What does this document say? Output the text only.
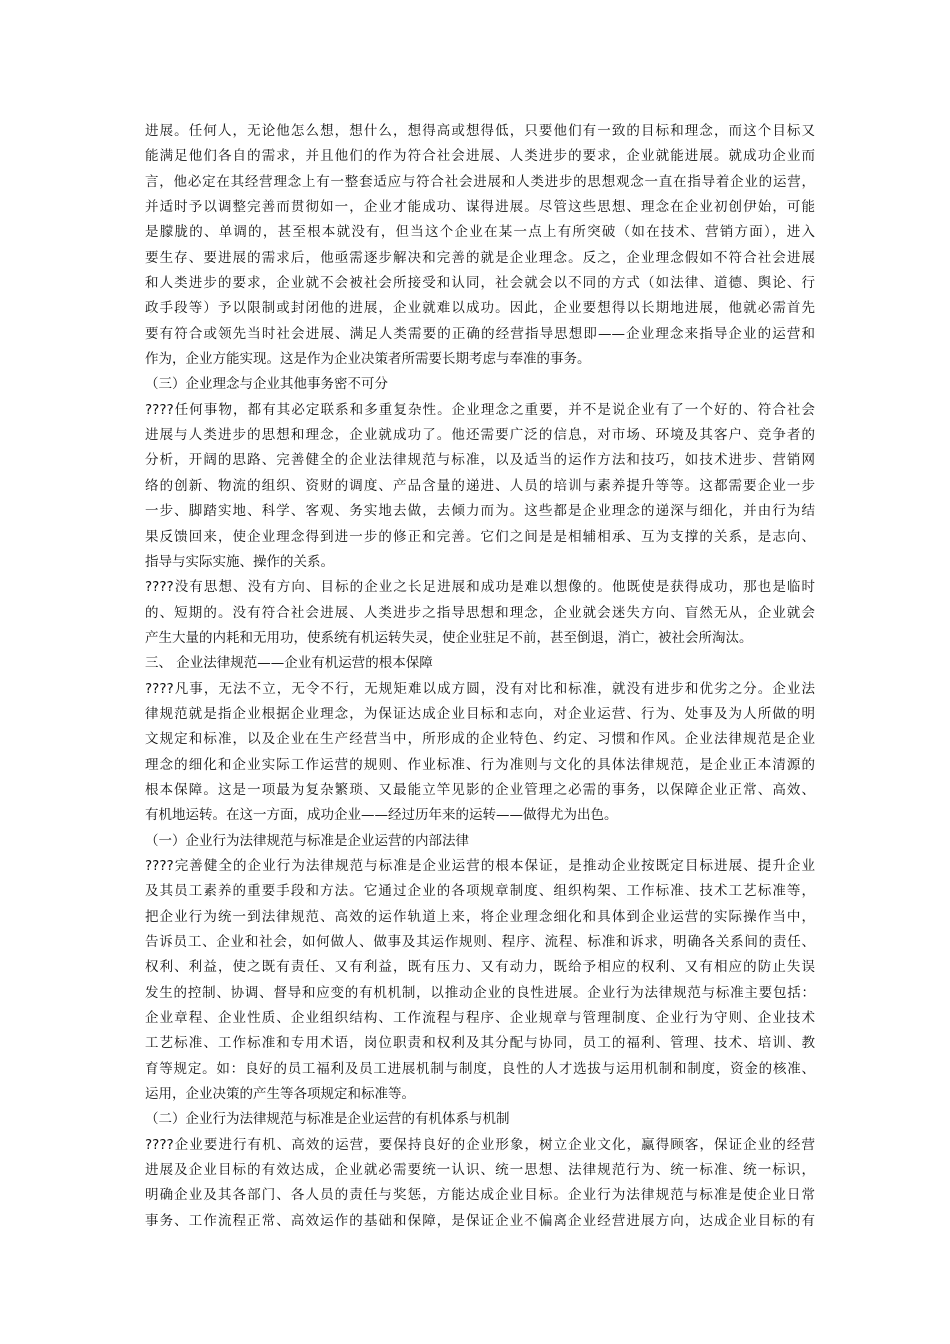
进展。任何人，无论他怎么想，想什么，想得高或想得低，只要他们有一致的目标和理念，而这个目标又
能满足他们各自的需求，并且他们的作为符合社会进展、人类进步的要求，企业就能进展。就成功企业而
言，他必定在其经营理念上有一整套适应与符合社会进展和人类进步的思想观念一直在指导着企业的运营，
并适时予以调整完善而贯彻如一，企业才能成功、谋得进展。尽管这些思想、理念在企业初创伊始，可能
是朦胧的、单调的，甚至根本就没有，但当这个企业在某一点上有所突破（如在技术、营销方面），进入
要生存、要进展的需求后，他亟需逐步解决和完善的就是企业理念。反之，企业理念假如不符合社会进展
和人类进步的要求，企业就不会被社会所接受和认同，社会就会以不同的方式（如法律、道德、舆论、行
政手段等）予以限制或封闭他的进展，企业就难以成功。因此，企业要想得以长期地进展，他就必需首先
要有符合或领先当时社会进展、满足人类需要的正确的经营指导思想即——企业理念来指导企业的运营和
作为，企业方能实现。这是作为企业决策者所需要长期考虑与奉准的事务。
（三）企业理念与企业其他事务密不可分
????任何事物，都有其必定联系和多重复杂性。企业理念之重要，并不是说企业有了一个好的、符合社会
进展与人类进步的思想和理念，企业就成功了。他还需要广泛的信息，对市场、环境及其客户、竞争者的
分析，开阔的思路、完善健全的企业法律规范与标准，以及适当的运作方法和技巧，如技术进步、营销网
络的创新、物流的组织、资财的调度、产品含量的递进、人员的培训与素养提升等等。这都需要企业一步
一步、脚踏实地、科学、客观、务实地去做，去倾力而为。这些都是企业理念的递深与细化，并由行为结
果反馈回来，使企业理念得到进一步的修正和完善。它们之间是是相辅相承、互为支撑的关系，是志向、
指导与实际实施、操作的关系。
????没有思想、没有方向、目标的企业之长足进展和成功是难以想像的。他既使是获得成功，那也是临时
的、短期的。没有符合社会进展、人类进步之指导思想和理念，企业就会迷失方向、盲然无从，企业就会
产生大量的内耗和无用功，使系统有机运转失灵，使企业驻足不前，甚至倒退，消亡，被社会所淘汰。
三、 企业法律规范——企业有机运营的根本保障
????凡事，无法不立，无令不行，无规矩难以成方圆，没有对比和标准，就没有进步和优劣之分。企业法
律规范就是指企业根据企业理念，为保证达成企业目标和志向，对企业运营、行为、处事及为人所做的明
文规定和标准，以及企业在生产经营当中，所形成的企业特色、约定、习惯和作风。企业法律规范是企业
理念的细化和企业实际工作运营的规则、作业标准、行为准则与文化的具体法律规范，是企业正本清源的
根本保障。这是一项最为复杂繁琐、又最能立竿见影的企业管理之必需的事务，以保障企业正常、高效、
有机地运转。在这一方面，成功企业——经过历年来的运转——做得尤为出色。
（一）企业行为法律规范与标准是企业运营的内部法律
????完善健全的企业行为法律规范与标准是企业运营的根本保证，是推动企业按既定目标进展、提升企业
及其员工素养的重要手段和方法。它通过企业的各项规章制度、组织构架、工作标准、技术工艺标准等，
把企业行为统一到法律规范、高效的运作轨道上来，将企业理念细化和具体到企业运营的实际操作当中，
告诉员工、企业和社会，如何做人、做事及其运作规则、程序、流程、标准和诉求，明确各关系间的责任、
权利、利益，使之既有责任、又有利益，既有压力、又有动力，既给予相应的权利、又有相应的防止失误
发生的控制、协调、督导和应变的有机机制，以推动企业的良性进展。企业行为法律规范与标准主要包括：
企业章程、企业性质、企业组织结构、工作流程与程序、企业规章与管理制度、企业行为守则、企业技术
工艺标准、工作标准和专用术语，岗位职责和权利及其分配与协同，员工的福利、管理、技术、培训、教
育等规定。如：良好的员工福利及员工进展机制与制度，良性的人才选拔与运用机制和制度，资金的核准、
运用，企业决策的产生等各项规定和标准等。
（二）企业行为法律规范与标准是企业运营的有机体系与机制
????企业要进行有机、高效的运营，要保持良好的企业形象，树立企业文化，赢得顾客，保证企业的经营
进展及企业目标的有效达成，企业就必需要统一认识、统一思想、法律规范行为、统一标准、统一标识，
明确企业及其各部门、各人员的责任与奖惩，方能达成企业目标。企业行为法律规范与标准是使企业日常
事务、工作流程正常、高效运作的基础和保障，是保证企业不偏离企业经营进展方向，达成企业目标的有
